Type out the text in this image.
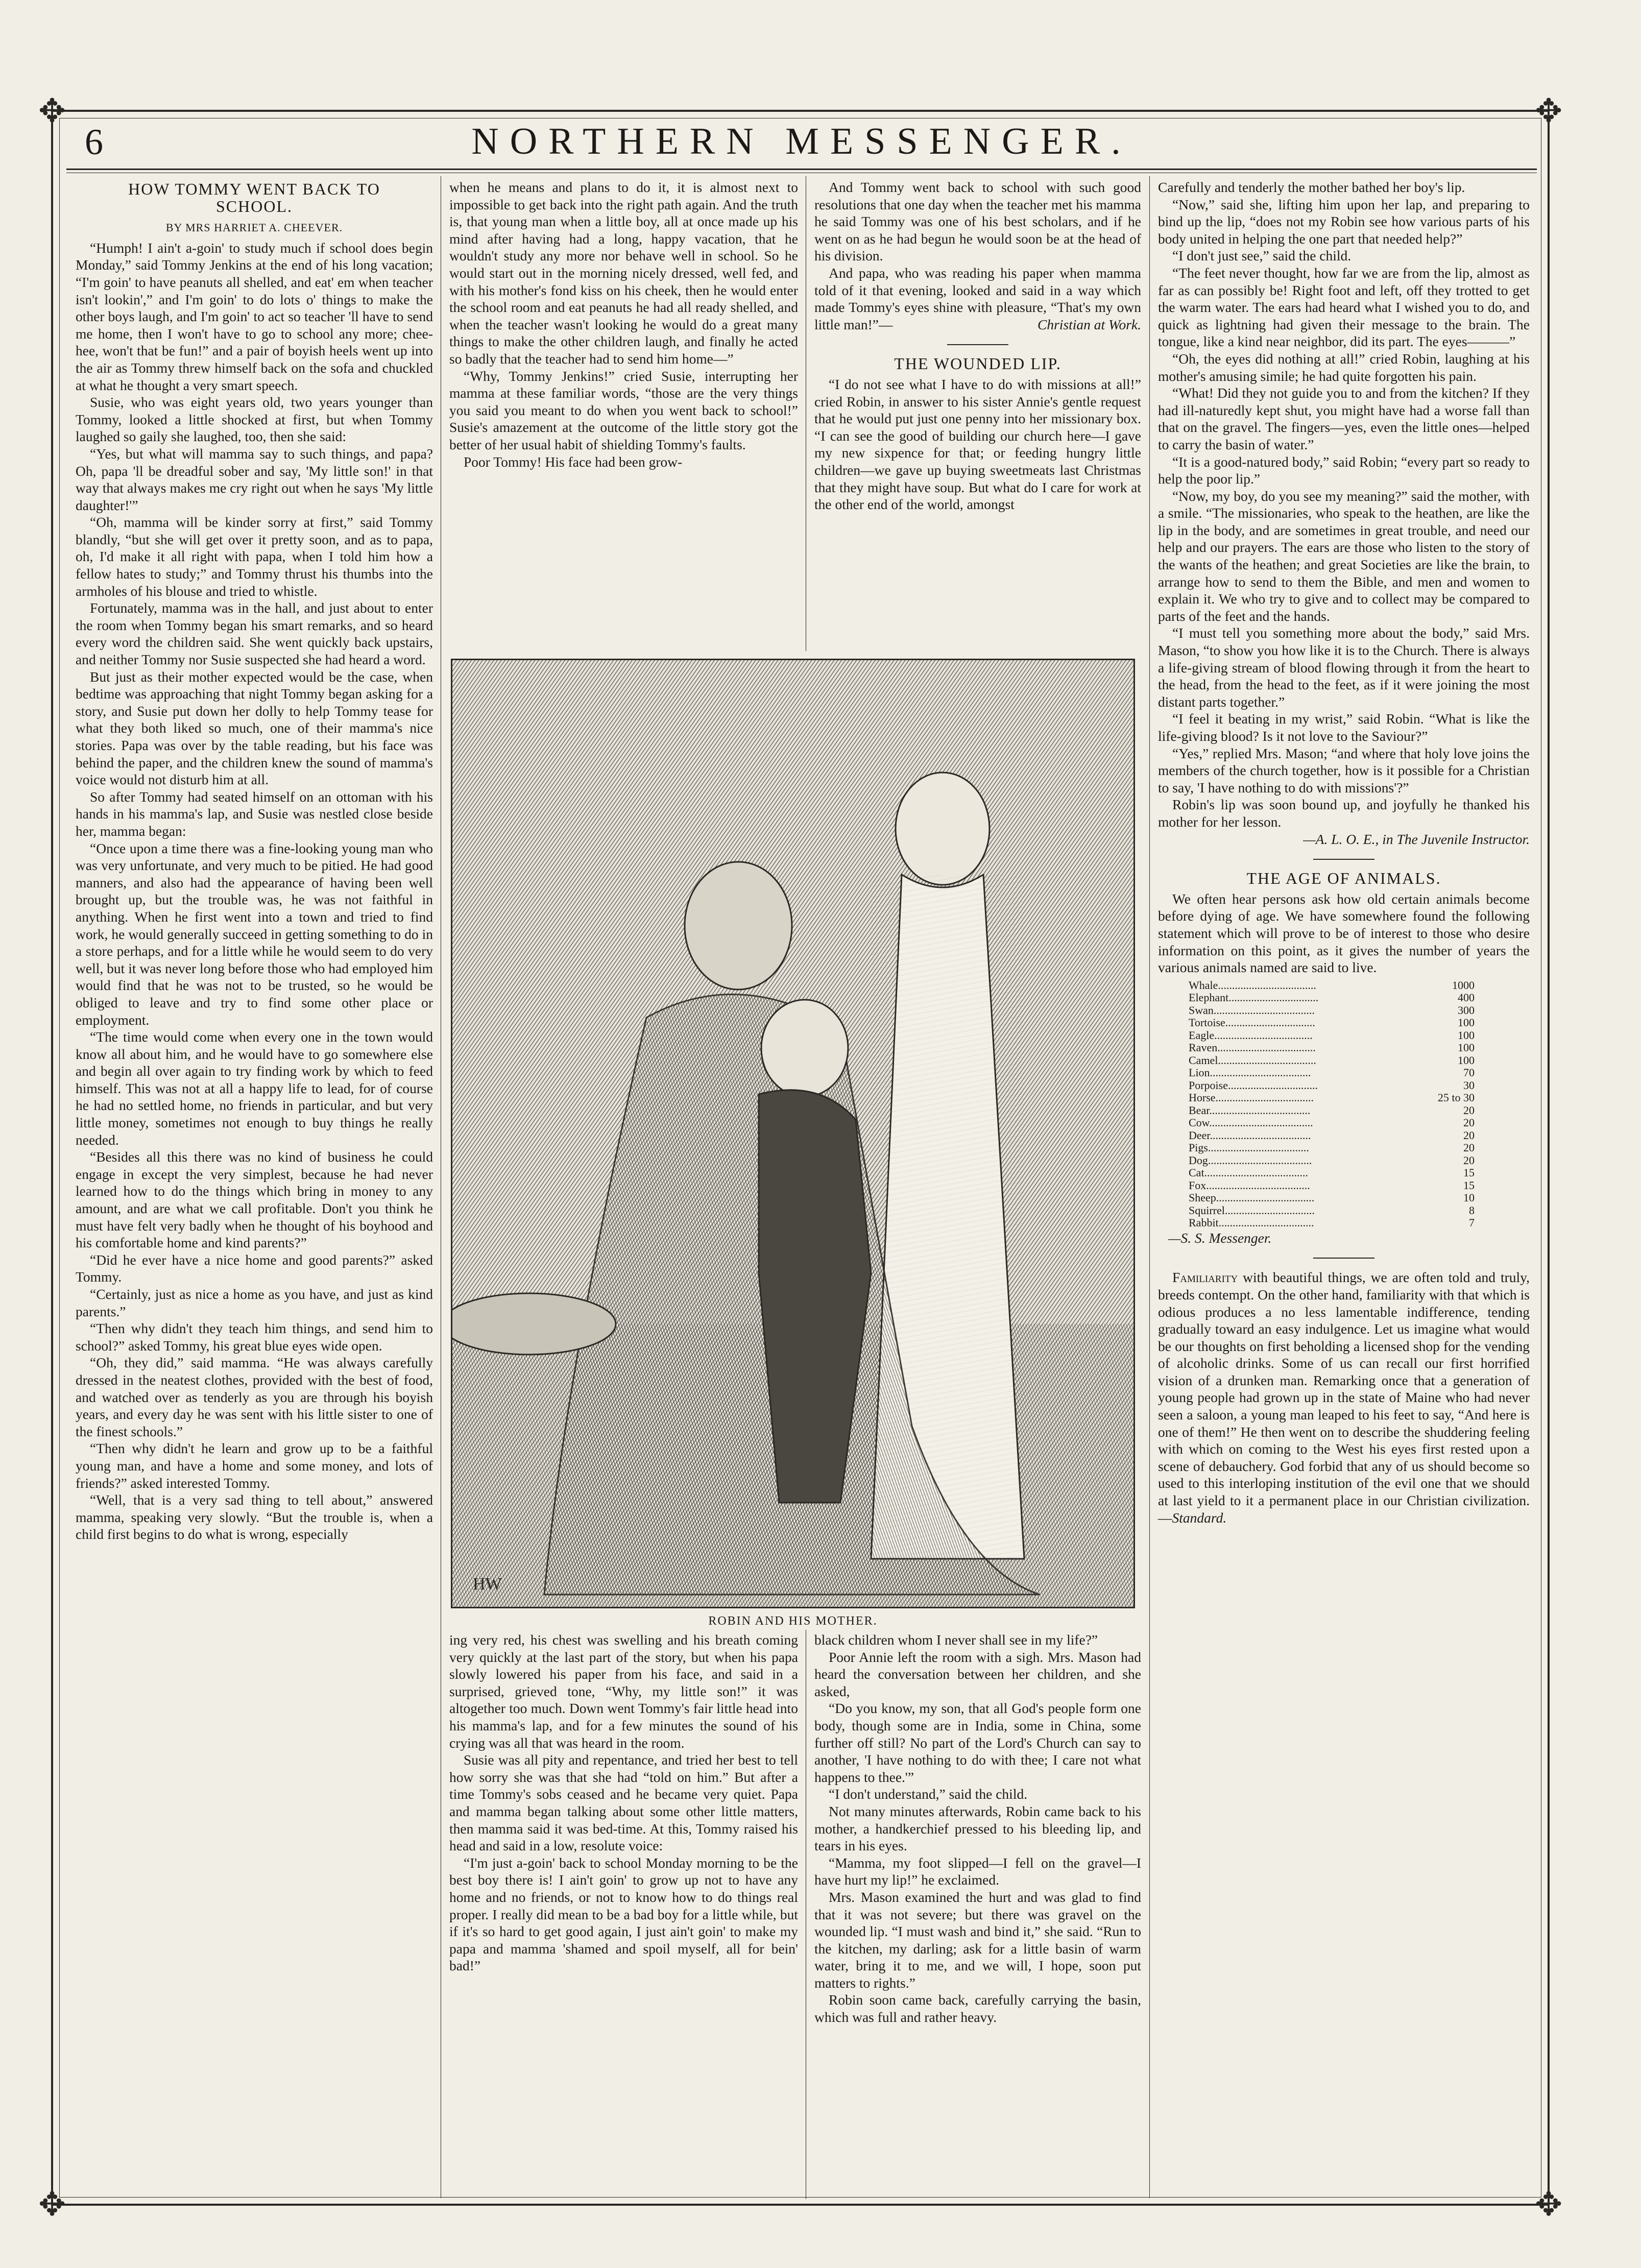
✥	✥
✥	✥
6	NORTHERN MESSENGER.
HOW TOMMY WENT BACK TO
SCHOOL.
BY MRS HARRIET A. CHEEVER.

“Humph! I ain't a-goin' to study much if school does begin Monday,” said Tommy Jenkins at the end of his long vacation; “I'm goin' to have peanuts all shelled, and eat' em when teacher isn't lookin',” and I'm goin' to do lots o' things to make the other boys laugh, and I'm goin' to act so teacher 'll have to send me home, then I won't have to go to school any more; chee-hee, won't that be fun!” and a pair of boyish heels went up into the air as Tommy threw himself back on the sofa and chuckled at what he thought a very smart speech.

Susie, who was eight years old, two years younger than Tommy, looked a little shocked at first, but when Tommy laughed so gaily she laughed, too, then she said:

“Yes, but what will mamma say to such things, and papa? Oh, papa 'll be dreadful sober and say, 'My little son!' in that way that always makes me cry right out when he says 'My little daughter!'”

“Oh, mamma will be kinder sorry at first,” said Tommy blandly, “but she will get over it pretty soon, and as to papa, oh, I'd make it all right with papa, when I told him how a fellow hates to study;” and Tommy thrust his thumbs into the armholes of his blouse and tried to whistle.

Fortunately, mamma was in the hall, and just about to enter the room when Tommy began his smart remarks, and so heard every word the children said. She went quickly back upstairs, and neither Tommy nor Susie suspected she had heard a word.

But just as their mother expected would be the case, when bedtime was approaching that night Tommy began asking for a story, and Susie put down her dolly to help Tommy tease for what they both liked so much, one of their mamma's nice stories. Papa was over by the table reading, but his face was behind the paper, and the children knew the sound of mamma's voice would not disturb him at all.

So after Tommy had seated himself on an ottoman with his hands in his mamma's lap, and Susie was nestled close beside her, mamma began:

“Once upon a time there was a fine-looking young man who was very unfortunate, and very much to be pitied. He had good manners, and also had the appearance of having been well brought up, but the trouble was, he was not faithful in anything. When he first went into a town and tried to find work, he would generally succeed in getting something to do in a store perhaps, and for a little while he would seem to do very well, but it was never long before those who had employed him would find that he was not to be trusted, so he would be obliged to leave and try to find some other place or employment.

“The time would come when every one in the town would know all about him, and he would have to go somewhere else and begin all over again to try finding work by which to feed himself. This was not at all a happy life to lead, for of course he had no settled home, no friends in particular, and but very little money, sometimes not enough to buy things he really needed.

“Besides all this there was no kind of business he could engage in except the very simplest, because he had never learned how to do the things which bring in money to any amount, and are what we call profitable. Don't you think he must have felt very badly when he thought of his boyhood and his comfortable home and kind parents?”

“Did he ever have a nice home and good parents?” asked Tommy.

“Certainly, just as nice a home as you have, and just as kind parents.”

“Then why didn't they teach him things, and send him to school?” asked Tommy, his great blue eyes wide open.

“Oh, they did,” said mamma. “He was always carefully dressed in the neatest clothes, provided with the best of food, and watched over as tenderly as you are through his boyish years, and every day he was sent with his little sister to one of the finest schools.”

“Then why didn't he learn and grow up to be a faithful young man, and have a home and some money, and lots of friends?” asked interested Tommy.

“Well, that is a very sad thing to tell about,” answered mamma, speaking very slowly. “But the trouble is, when a child first begins to do what is wrong, especially

when he means and plans to do it, it is almost next to impossible to get back into the right path again. And the truth is, that young man when a little boy, all at once made up his mind after having had a long, happy vacation, that he wouldn't study any more nor behave well in school. So he would start out in the morning nicely dressed, well fed, and with his mother's fond kiss on his cheek, then he would enter the school room and eat peanuts he had all ready shelled, and when the teacher wasn't looking he would do a great many things to make the other children laugh, and finally he acted so badly that the teacher had to send him home—”

“Why, Tommy Jenkins!” cried Susie, interrupting her mamma at these familiar words, “those are the very things you said you meant to do when you went back to school!” Susie's amazement at the outcome of the little story got the better of her usual habit of shielding Tommy's faults.

Poor Tommy! His face had been grow-

And Tommy went back to school with such good resolutions that one day when the teacher met his mamma he said Tommy was one of his best scholars, and if he went on as he had begun he would soon be at the head of his division.

And papa, who was reading his paper when mamma told of it that evening, looked and said in a way which made Tommy's eyes shine with pleasure, “That's my own little man!”—	Christian at Work.

THE WOUNDED LIP.

“I do not see what I have to do with missions at all!” cried Robin, in answer to his sister Annie's gentle request that he would put just one penny into her missionary box. “I can see the good of building our church here—I gave my new sixpence for that; or feeding hungry little children—we gave up buying sweetmeats last Christmas that they might have soup. But what do I care for work at the other end of the world, amongst

HW
ROBIN AND HIS MOTHER.

ing very red, his chest was swelling and his breath coming very quickly at the last part of the story, but when his papa slowly lowered his paper from his face, and said in a surprised, grieved tone, “Why, my little son!” it was altogether too much. Down went Tommy's fair little head into his mamma's lap, and for a few minutes the sound of his crying was all that was heard in the room.

Susie was all pity and repentance, and tried her best to tell how sorry she was that she had “told on him.” But after a time Tommy's sobs ceased and he became very quiet. Papa and mamma began talking about some other little matters, then mamma said it was bed-time. At this, Tommy raised his head and said in a low, resolute voice:

“I'm just a-goin' back to school Monday morning to be the best boy there is! I ain't goin' to grow up not to have any home and no friends, or not to know how to do things real proper. I really did mean to be a bad boy for a little while, but if it's so hard to get good again, I just ain't goin' to make my papa and mamma 'shamed and spoil myself, all for bein' bad!”

black children whom I never shall see in my life?”

Poor Annie left the room with a sigh. Mrs. Mason had heard the conversation between her children, and she asked,

“Do you know, my son, that all God's people form one body, though some are in India, some in China, some further off still? No part of the Lord's Church can say to another, 'I have nothing to do with thee; I care not what happens to thee.'”

“I don't understand,” said the child.

Not many minutes afterwards, Robin came back to his mother, a handkerchief pressed to his bleeding lip, and tears in his eyes.

“Mamma, my foot slipped—I fell on the gravel—I have hurt my lip!” he exclaimed.

Mrs. Mason examined the hurt and was glad to find that it was not severe; but there was gravel on the wounded lip. “I must wash and bind it,” she said. “Run to the kitchen, my darling; ask for a little basin of warm water, bring it to me, and we will, I hope, soon put matters to rights.”

Robin soon came back, carefully carrying the basin, which was full and rather heavy.

Carefully and tenderly the mother bathed her boy's lip.

“Now,” said she, lifting him upon her lap, and preparing to bind up the lip, “does not my Robin see how various parts of his body united in helping the one part that needed help?”

“I don't just see,” said the child.

“The feet never thought, how far we are from the lip, almost as far as can possibly be! Right foot and left, off they trotted to get the warm water. The ears had heard what I wished you to do, and quick as lightning had given their message to the brain. The tongue, like a kind near neighbor, did its part. The eyes———”

“Oh, the eyes did nothing at all!” cried Robin, laughing at his mother's amusing simile; he had quite forgotten his pain.

“What! Did they not guide you to and from the kitchen? If they had ill-naturedly kept shut, you might have had a worse fall than that on the gravel. The fingers—yes, even the little ones—helped to carry the basin of water.”

“It is a good-natured body,” said Robin; “every part so ready to help the poor lip.”

“Now, my boy, do you see my meaning?” said the mother, with a smile. “The missionaries, who speak to the heathen, are like the lip in the body, and are sometimes in great trouble, and need our help and our prayers. The ears are those who listen to the story of the wants of the heathen; and great Societies are like the brain, to arrange how to send to them the Bible, and men and women to explain it. We who try to give and to collect may be compared to parts of the feet and the hands.

“I must tell you something more about the body,” said Mrs. Mason, “to show you how like it is to the Church. There is always a life-giving stream of blood flowing through it from the heart to the head, from the head to the feet, as if it were joining the most distant parts together.”

“I feel it beating in my wrist,” said Robin. “What is like the life-giving blood? Is it not love to the Saviour?”

“Yes,” replied Mrs. Mason; “and where that holy love joins the members of the church together, how is it possible for a Christian to say, 'I have nothing to do with missions'?”

Robin's lip was soon bound up, and joyfully he thanked his mother for her lesson.

—A. L. O. E., in The Juvenile Instructor.

THE AGE OF ANIMALS.

We often hear persons ask how old certain animals become before dying of age. We have somewhere found the following statement which will prove to be of interest to those who desire information on this point, as it gives the number of years the various animals named are said to live.

Whale...................................	1000
Elephant................................	400
Swan....................................	300
Tortoise................................	100
Eagle...................................	100
Raven...................................	100
Camel...................................	100
Lion....................................	70
Porpoise................................	30
Horse...................................	25 to 30
Bear....................................	20
Cow.....................................	20
Deer....................................	20
Pigs....................................	20
Dog.....................................	20
Cat.....................................	15
Fox.....................................	15
Sheep...................................	10
Squirrel................................	8
Rabbit..................................	7

—S. S. Messenger.

Familiarity with beautiful things, we are often told and truly, breeds contempt. On the other hand, familiarity with that which is odious produces a no less lamentable indifference, tending gradually toward an easy indulgence. Let us imagine what would be our thoughts on first beholding a licensed shop for the vending of alcoholic drinks. Some of us can recall our first horrified vision of a drunken man. Remarking once that a generation of young people had grown up in the state of Maine who had never seen a saloon, a young man leaped to his feet to say, “And here is one of them!” He then went on to describe the shuddering feeling with which on coming to the West his eyes first rested upon a scene of debauchery. God forbid that any of us should become so used to this interloping institution of the evil one that we should at last yield to it a permanent place in our Christian civilization.—Standard.
